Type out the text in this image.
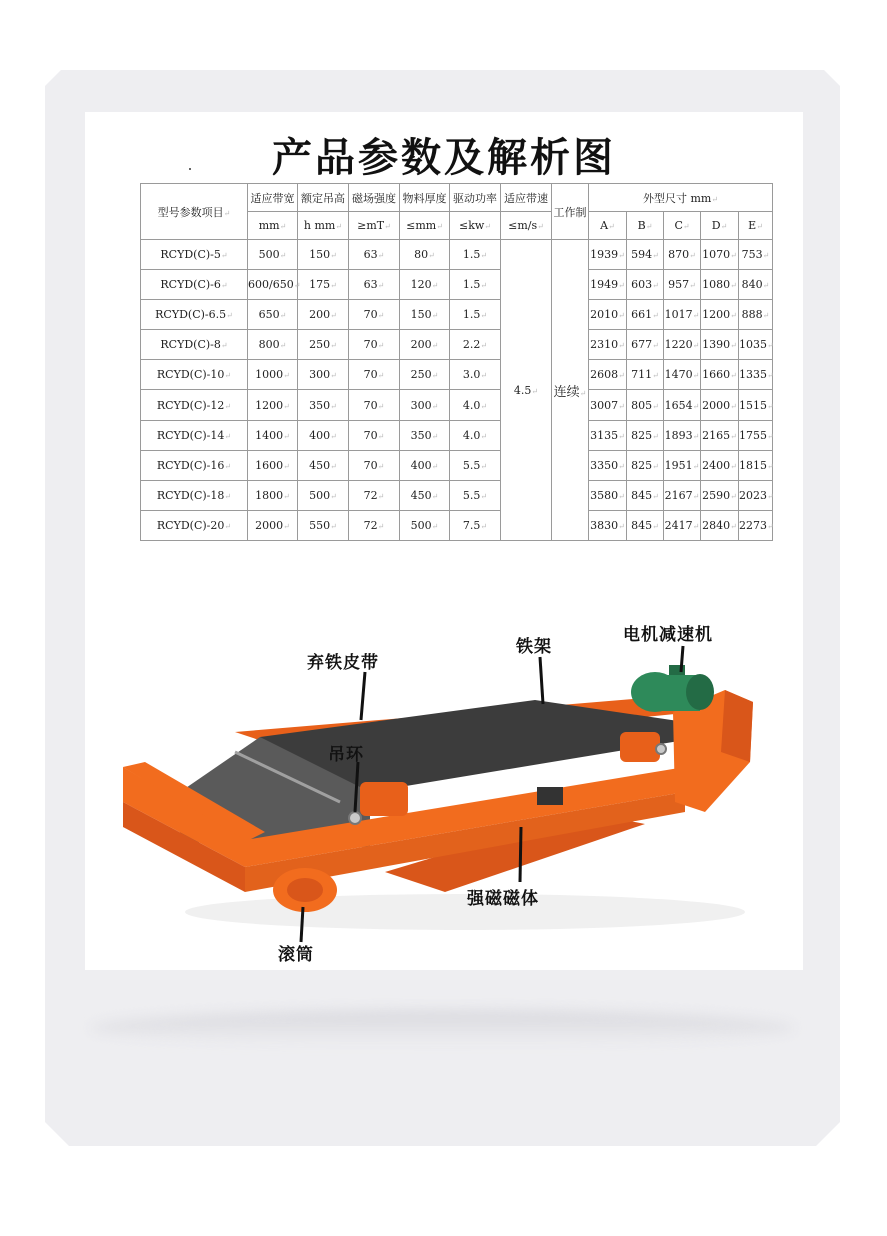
产品参数及解析图
型号参数项目↵	适应带宽	额定吊高	磁场强度	物料厚度	驱动功率	适应带速	工作制	外型尺寸 mm↵				
	mm↵	h mm↵	≥mT↵	≤mm↵	≤kw↵	≤m/s↵		A↵	B↵	C↵	D↵	E↵
RCYD(C)-5↵	500↵	150↵	63↵	80↵	1.5↵	4.5↵	连续↵	1939↵	594↵	870↵	1070↵	753↵
RCYD(C)-6↵	600/650↵	175↵	63↵	120↵	1.5↵			1949↵	603↵	957↵	1080↵	840↵
RCYD(C)-6.5↵	650↵	200↵	70↵	150↵	1.5↵			2010↵	661↵	1017↵	1200↵	888↵
RCYD(C)-8↵	800↵	250↵	70↵	200↵	2.2↵			2310↵	677↵	1220↵	1390↵	1035↵
RCYD(C)-10↵	1000↵	300↵	70↵	250↵	3.0↵			2608↵	711↵	1470↵	1660↵	1335↵
RCYD(C)-12↵	1200↵	350↵	70↵	300↵	4.0↵			3007↵	805↵	1654↵	2000↵	1515↵
RCYD(C)-14↵	1400↵	400↵	70↵	350↵	4.0↵			3135↵	825↵	1893↵	2165↵	1755↵
RCYD(C)-16↵	1600↵	450↵	70↵	400↵	5.5↵			3350↵	825↵	1951↵	2400↵	1815↵
RCYD(C)-18↵	1800↵	500↵	72↵	450↵	5.5↵			3580↵	845↵	2167↵	2590↵	2023↵
RCYD(C)-20↵	2000↵	550↵	72↵	500↵	7.5↵			3830↵	845↵	2417↵	2840↵	2273↵
弃铁皮带
铁架
电机减速机
吊环
强磁磁体
滚筒
